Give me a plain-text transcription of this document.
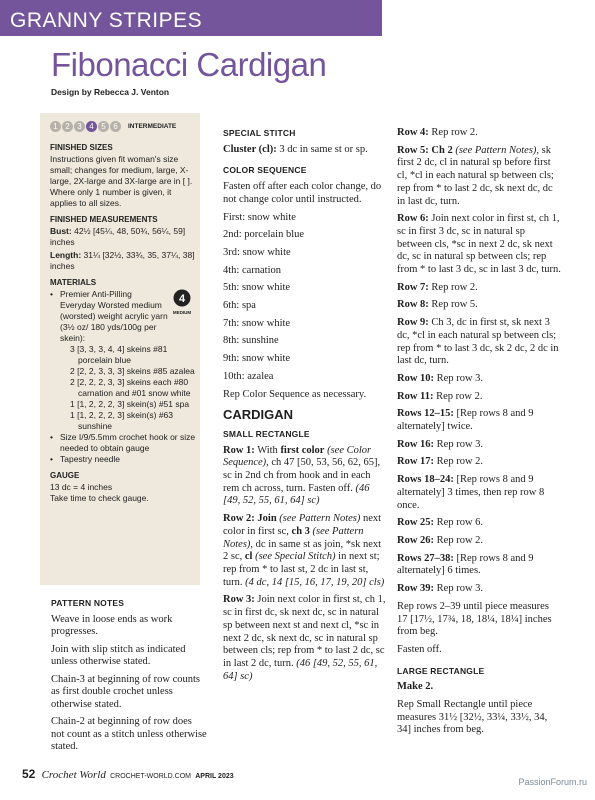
GRANNY STRIPES
Fibonacci Cardigan
Design by Rebecca J. Venton
1 2 3 4 5 6	INTERMEDIATE
FINISHED SIZES

Instructions given fit woman's size small; changes for medium, large, X-large, 2X-large and 3X-large are in [ ]. Where only 1 number is given, it applies to all sizes.

FINISHED MEASUREMENTS

Bust: 42½ [45¼, 48, 50¾, 56¼, 59] inches

Length: 31¼ [32½, 33¾, 35, 37¼, 38] inches

MATERIALS
4
MEDIUM

• Premier Anti-Pilling Everyday Worsted medium (worsted) weight acrylic yarn (3½ oz/ 180 yds/100g per skein):

3 [3, 3, 3, 4, 4] skeins #81 porcelain blue

2 [2, 2, 3, 3, 3] skeins #85 azalea

2 [2, 2, 2, 3, 3] skeins each #80 carnation and #01 snow white

1 [1, 2, 2, 2, 3] skein(s) #51 spa

1 [1, 2, 2, 2, 3] skein(s) #63 sunshine

• Size I/9/5.5mm crochet hook or size needed to obtain gauge

• Tapestry needle

GAUGE

13 dc = 4 inches

Take time to check gauge.

PATTERN NOTES

Weave in loose ends as work progresses.

Join with slip stitch as indicated unless otherwise stated.

Chain-3 at beginning of row counts as first double crochet unless otherwise stated.

Chain-2 at beginning of row does not count as a stitch unless otherwise stated.

SPECIAL STITCH

Cluster (cl): 3 dc in same st or sp.

COLOR SEQUENCE

Fasten off after each color change, do not change color until instructed.

First: snow white

2nd: porcelain blue

3rd: snow white

4th: carnation

5th: snow white

6th: spa

7th: snow white

8th: sunshine

9th: snow white

10th: azalea

Rep Color Sequence as necessary.

CARDIGAN
SMALL RECTANGLE

Row 1: With first color (see Color Sequence), ch 47 [50, 53, 56, 62, 65], sc in 2nd ch from hook and in each rem ch across, turn. Fasten off. (46 [49, 52, 55, 61, 64] sc)

Row 2: Join (see Pattern Notes) next color in first sc, ch 3 (see Pattern Notes), dc in same st as join, *sk next 2 sc, cl (see Special Stitch) in next st; rep from * to last st, 2 dc in last st, turn. (4 dc, 14 [15, 16, 17, 19, 20] cls)

Row 3: Join next color in first st, ch 1, sc in first dc, sk next dc, sc in natural sp between next st and next cl, *sc in next 2 dc, sk next dc, sc in natural sp between cls; rep from * to last 2 dc, sc in last 2 dc, turn. (46 [49, 52, 55, 61, 64] sc)

Row 4: Rep row 2.

Row 5: Ch 2 (see Pattern Notes), sk first 2 dc, cl in natural sp before first cl, *cl in each natural sp between cls; rep from * to last 2 dc, sk next dc, dc in last dc, turn.

Row 6: Join next color in first st, ch 1, sc in first 3 dc, sc in natural sp between cls, *sc in next 2 dc, sk next dc, sc in natural sp between cls; rep from * to last 3 dc, sc in last 3 dc, turn.

Row 7: Rep row 2.

Row 8: Rep row 5.

Row 9: Ch 3, dc in first st, sk next 3 dc, *cl in each natural sp between cls; rep from * to last 3 dc, sk 2 dc, 2 dc in last dc, turn.

Row 10: Rep row 3.

Row 11: Rep row 2.

Rows 12–15: [Rep rows 8 and 9 alternately] twice.

Row 16: Rep row 3.

Row 17: Rep row 2.

Rows 18–24: [Rep rows 8 and 9 alternately] 3 times, then rep row 8 once.

Row 25: Rep row 6.

Row 26: Rep row 2.

Rows 27–38: [Rep rows 8 and 9 alternately] 6 times.

Row 39: Rep row 3.

Rep rows 2–39 until piece measures 17 [17½, 17¾, 18, 18¼, 18¼] inches from beg.

Fasten off.

LARGE RECTANGLE

Make 2.

Rep Small Rectangle until piece measures 31½ [32½, 33¼, 33½, 34, 34] inches from beg.

52 Crochet World CROCHET-WORLD.COM APRIL 2023
PassionForum.ru
